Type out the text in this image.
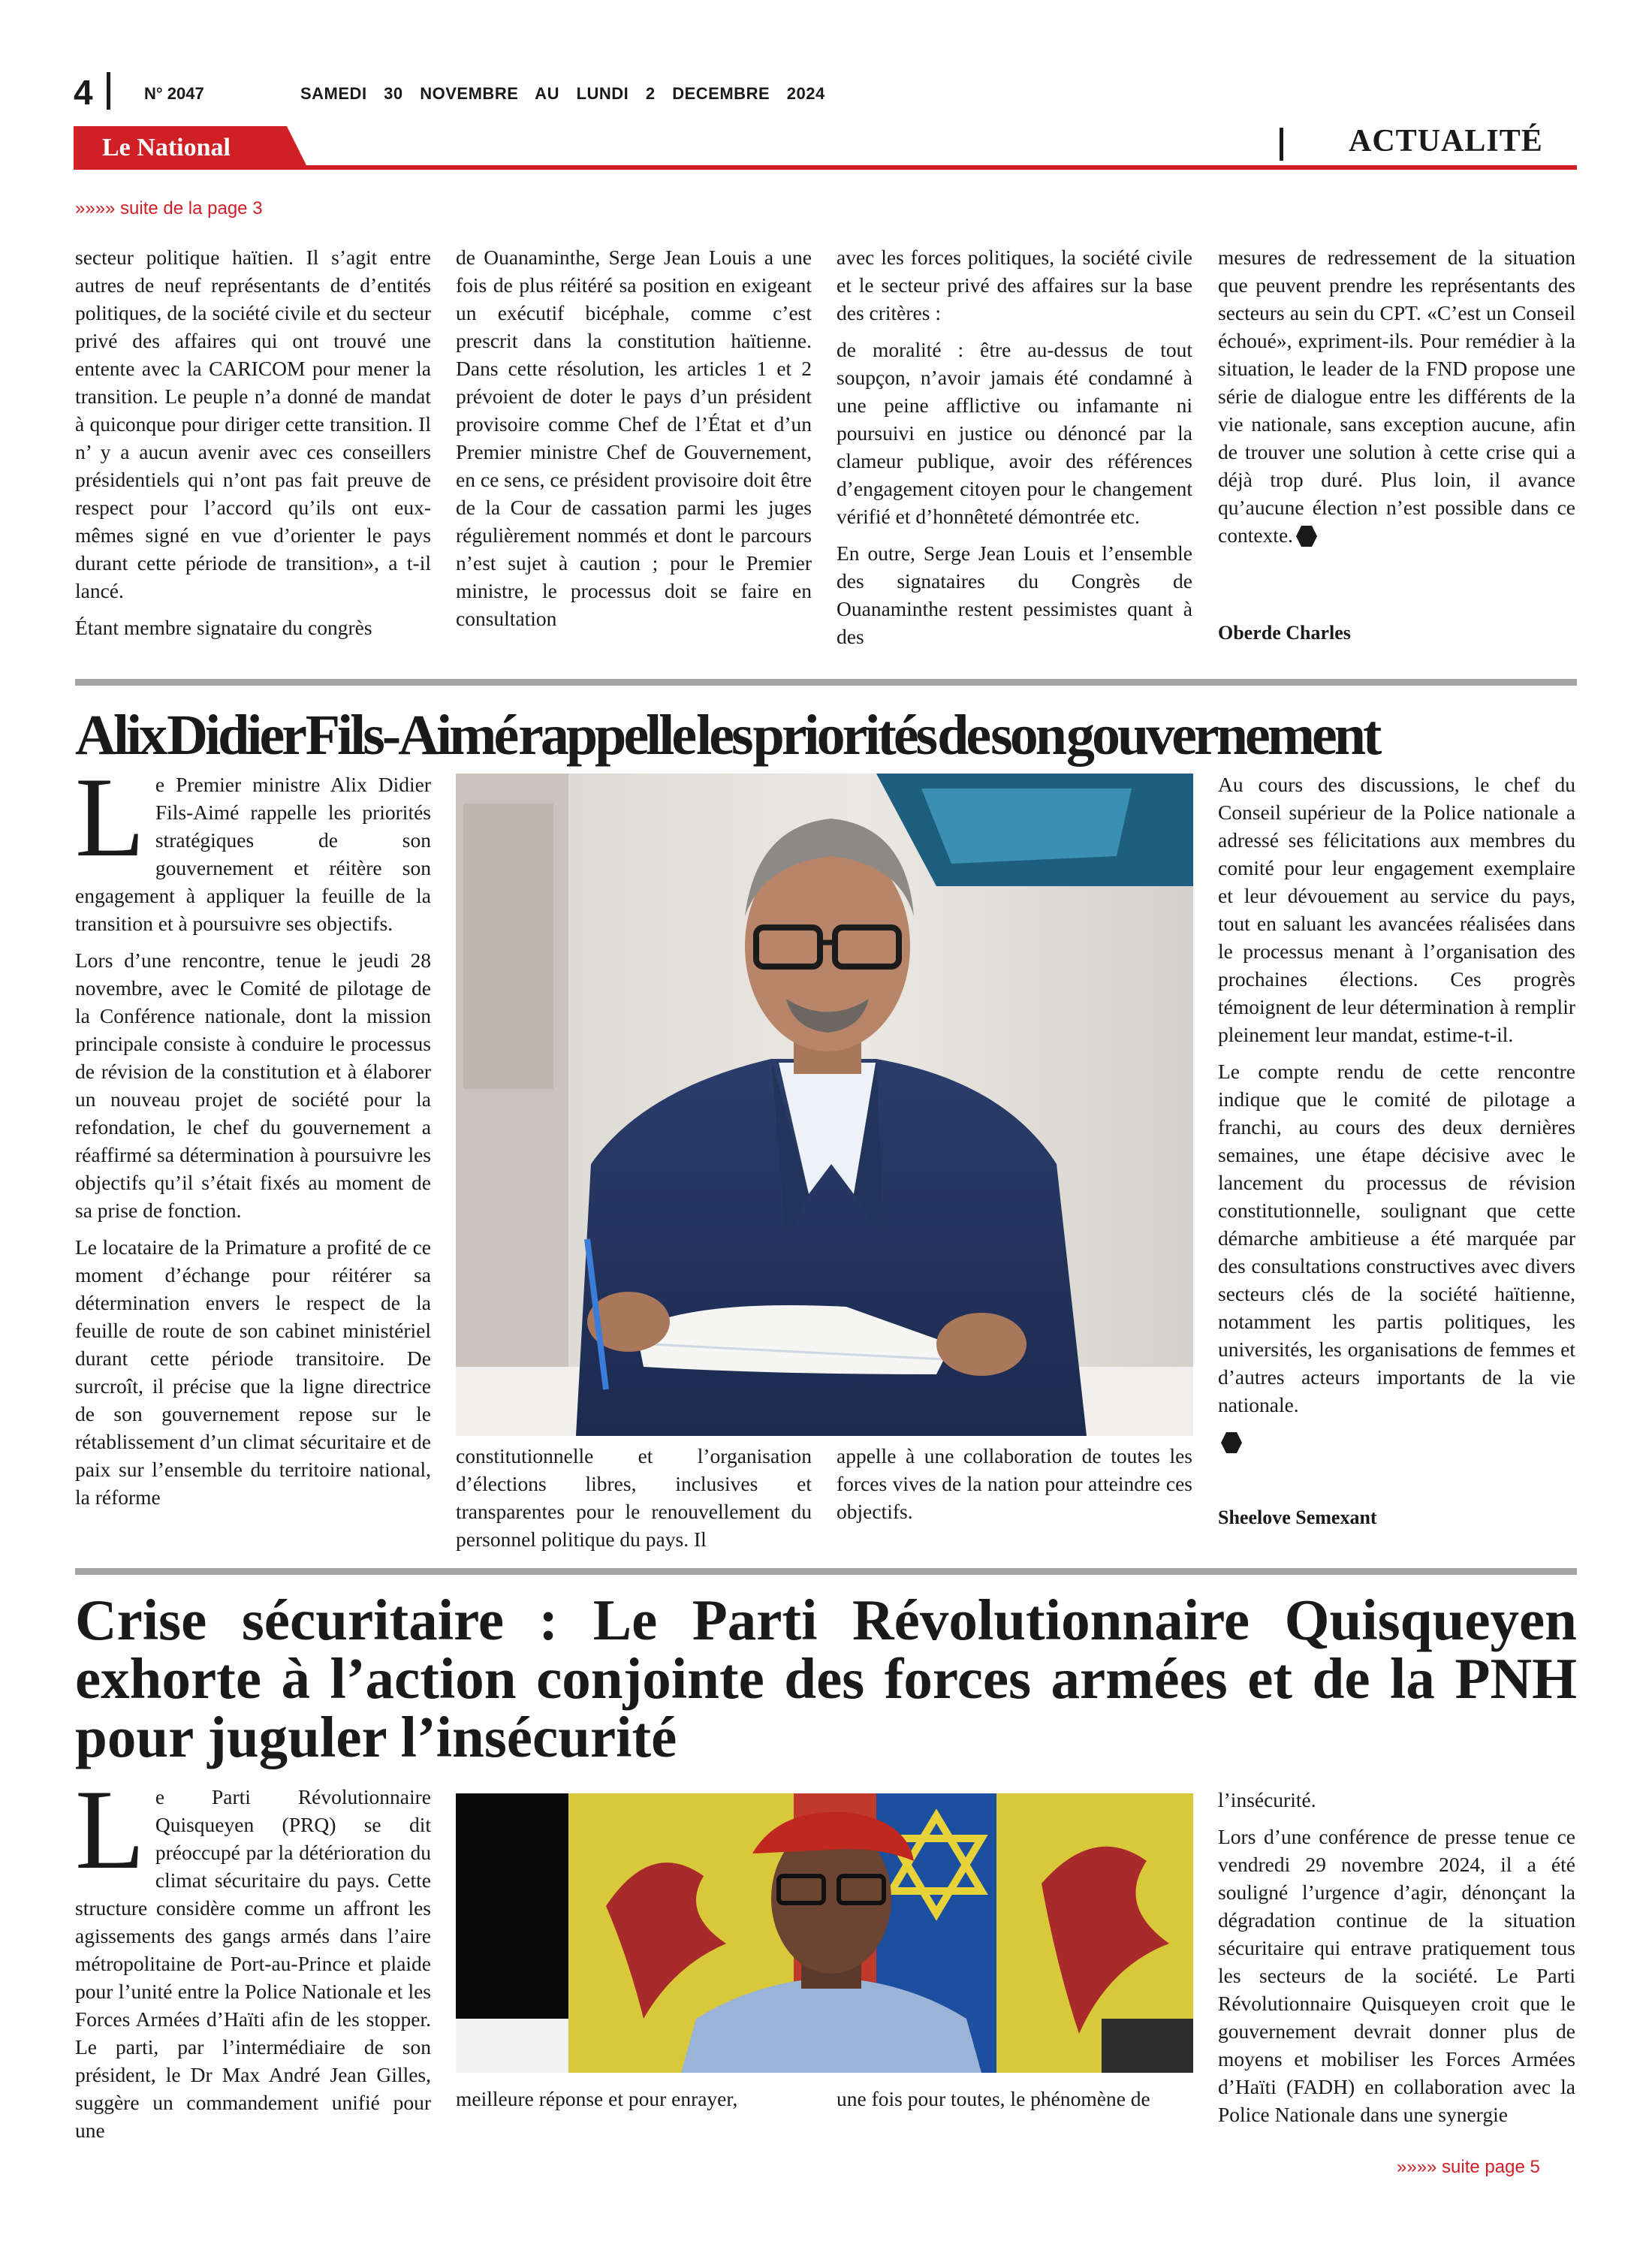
4	N° 2047	SAMEDI 30 NOVEMBRE AU LUNDI 2 DECEMBRE 2024
Le National	ACTUALITÉ
»»»» suite de la page 3

secteur politique haïtien. Il s’agit entre autres de neuf représentants de d’entités politiques, de la société civile et du secteur privé des affaires qui ont trouvé une entente avec la CARICOM pour mener la transition. Le peuple n’a donné de mandat à quiconque pour diriger cette transition. Il n’ y a aucun avenir avec ces conseillers présidentiels qui n’ont pas fait preuve de respect pour l’accord qu’ils ont eux-mêmes signé en vue d’orienter le pays durant cette période de transition», a t-il lancé.

Étant membre signataire du congrès

de Ouanaminthe, Serge Jean Louis a une fois de plus réitéré sa position en exigeant un exécutif bicéphale, comme c’est prescrit dans la constitution haïtienne. Dans cette résolution, les articles 1 et 2 prévoient de doter le pays d’un président provisoire comme Chef de l’État et d’un Premier ministre Chef de Gouvernement, en ce sens, ce président provisoire doit être de la Cour de cassation parmi les juges régulièrement nommés et dont le parcours n’est sujet à caution ; pour le Premier ministre, le processus doit se faire en consultation

avec les forces politiques, la société civile et le secteur privé des affaires sur la base des critères :

de moralité : être au-dessus de tout soupçon, n’avoir jamais été condamné à une peine afflictive ou infamante ni poursuivi en justice ou dénoncé par la clameur publique, avoir des références d’engagement citoyen pour le changement vérifié et d’honnêteté démontrée etc.

En outre, Serge Jean Louis et l’ensemble des signataires du Congrès de Ouanaminthe restent pessimistes quant à des

mesures de redressement de la situation que peuvent prendre les représentants des secteurs au sein du CPT. «C’est un Conseil échoué», expriment-ils. Pour remédier à la situation, le leader de la FND propose une série de dialogue entre les différents de la vie nationale, sans exception aucune, afin de trouver une solution à cette crise qui a déjà trop duré. Plus loin, il avance qu’aucune élection n’est possible dans ce contexte.

Oberde Charles
Alix Didier Fils-Aimé rappelle les priorités de son gouvernement

Le Premier ministre Alix Didier Fils-Aimé rappelle les priorités stratégiques de son gouvernement et réitère son engagement à appliquer la feuille de la transition et à poursuivre ses objectifs.

Lors d’une rencontre, tenue le jeudi 28 novembre, avec le Comité de pilotage de la Conférence nationale, dont la mission principale consiste à conduire le processus de révision de la constitution et à élaborer un nouveau projet de société pour la refondation, le chef du gouvernement a réaffirmé sa détermination à poursuivre les objectifs qu’il s’était fixés au moment de sa prise de fonction.

Le locataire de la Primature a profité de ce moment d’échange pour réitérer sa détermination envers le respect de la feuille de route de son cabinet ministériel durant cette période transitoire. De surcroît, il précise que la ligne directrice de son gouvernement repose sur le rétablissement d’un climat sécuritaire et de paix sur l’ensemble du territoire national, la réforme

constitutionnelle et l’organisation d’élections libres, inclusives et transparentes pour le renouvellement du personnel politique du pays. Il

appelle à une collaboration de toutes les forces vives de la nation pour atteindre ces objectifs.

Au cours des discussions, le chef du Conseil supérieur de la Police nationale a adressé ses félicitations aux membres du comité pour leur engagement exemplaire et leur dévouement au service du pays, tout en saluant les avancées réalisées dans le processus menant à l’organisation des prochaines élections. Ces progrès témoignent de leur détermination à remplir pleinement leur mandat, estime-t-il.

Le compte rendu de cette rencontre indique que le comité de pilotage a franchi, au cours des deux dernières semaines, une étape décisive avec le lancement du processus de révision constitutionnelle, soulignant que cette démarche ambitieuse a été marquée par des consultations constructives avec divers secteurs clés de la société haïtienne, notamment les partis politiques, les universités, les organisations de femmes et d’autres acteurs importants de la vie nationale.

Sheelove Semexant
Crise sécuritaire : Le Parti Révolutionnaire Quisqueyen exhorte à l’action conjointe des forces armées et de la PNH pour juguler l’insécurité

Le Parti Révolutionnaire Quisqueyen (PRQ) se dit préoccupé par la détérioration du climat sécuritaire du pays. Cette structure considère comme un affront les agissements des gangs armés dans l’aire métropolitaine de Port-au-Prince et plaide pour l’unité entre la Police Nationale et les Forces Armées d’Haïti afin de les stopper. Le parti, par l’intermédiaire de son président, le Dr Max André Jean Gilles, suggère un commandement unifié pour une

meilleure réponse et pour enrayer,	une fois pour toutes, le phénomène de

l’insécurité.

Lors d’une conférence de presse tenue ce vendredi 29 novembre 2024, il a été souligné l’urgence d’agir, dénonçant la dégradation continue de la situation sécuritaire qui entrave pratiquement tous les secteurs de la société. Le Parti Révolutionnaire Quisqueyen croit que le gouvernement devrait donner plus de moyens et mobiliser les Forces Armées d’Haïti (FADH) en collaboration avec la Police Nationale dans une synergie

»»»» suite page 5
